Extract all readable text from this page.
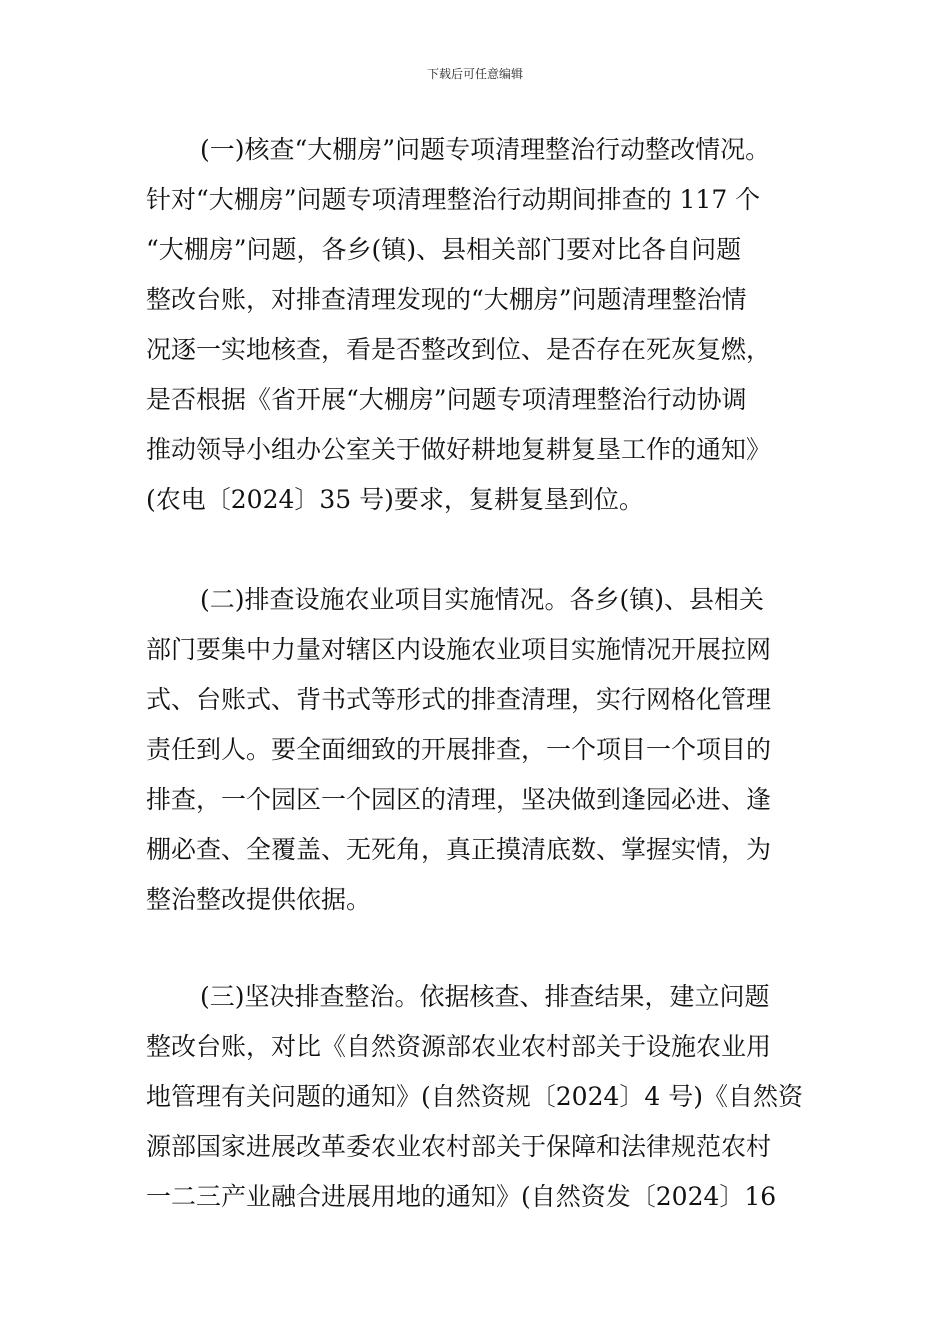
下载后可任意编辑
(一)核查“大棚房”问题专项清理整治行动整改情况。
针对“大棚房”问题专项清理整治行动期间排查的 117 个
“大棚房”问题，各乡(镇)、县相关部门要对比各自问题
整改台账，对排查清理发现的“大棚房”问题清理整治情
况逐一实地核查，看是否整改到位、是否存在死灰复燃，
是否根据《省开展“大棚房”问题专项清理整治行动协调
推动领导小组办公室关于做好耕地复耕复垦工作的通知》
(农电〔2024〕35 号)要求，复耕复垦到位。
(二)排查设施农业项目实施情况。各乡(镇)、县相关
部门要集中力量对辖区内设施农业项目实施情况开展拉网
式、台账式、背书式等形式的排查清理，实行网格化管理
责任到人。要全面细致的开展排查，一个项目一个项目的
排查，一个园区一个园区的清理，坚决做到逢园必进、逢
棚必查、全覆盖、无死角，真正摸清底数、掌握实情，为
整治整改提供依据。
(三)坚决排查整治。依据核查、排查结果，建立问题
整改台账，对比《自然资源部农业农村部关于设施农业用
地管理有关问题的通知》(自然资规〔2024〕4 号)《自然资
源部国家进展改革委农业农村部关于保障和法律规范农村
一二三产业融合进展用地的通知》(自然资发〔2024〕16
